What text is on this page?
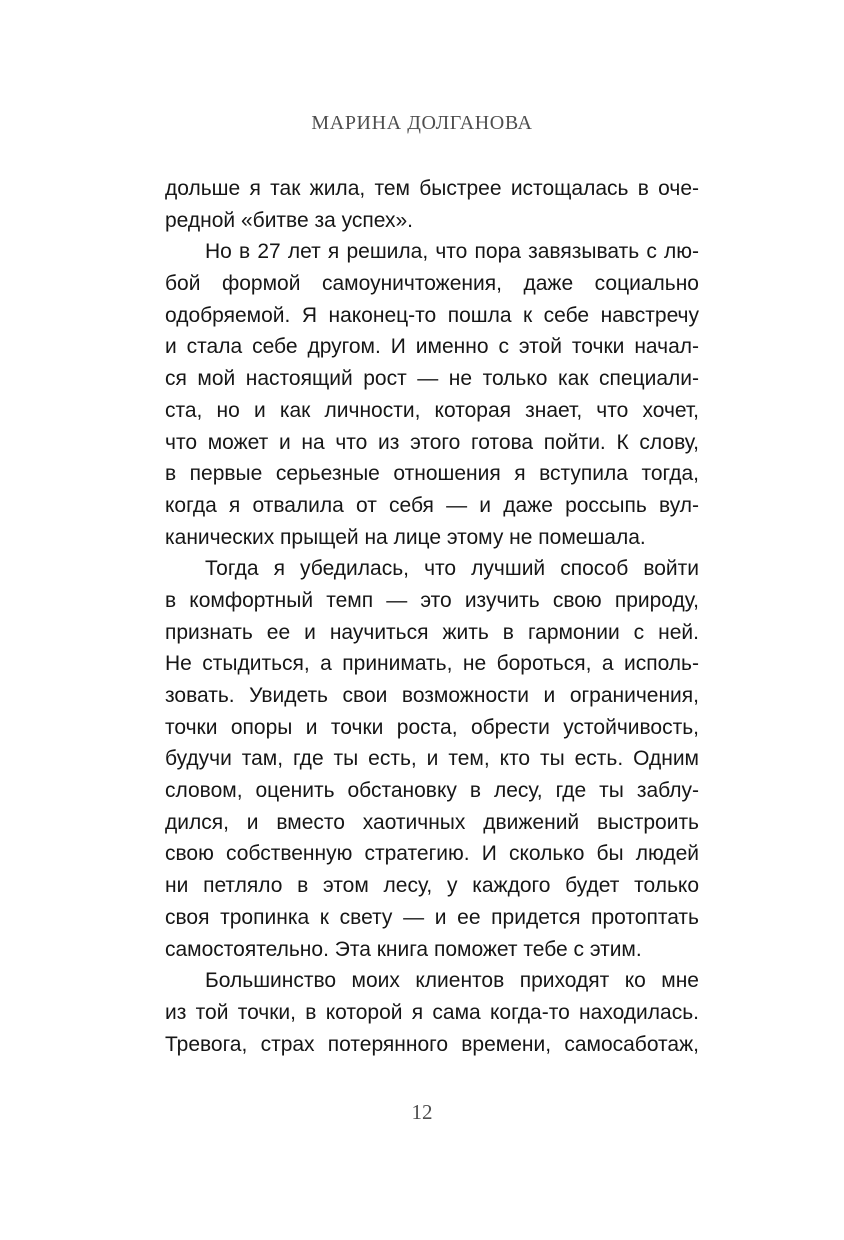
МАРИНА ДОЛГАНОВА
дольше я так жила, тем быстрее истощалась в оче-
редной «битве за успех».
Но в 27 лет я решила, что пора завязывать с лю-
бой формой самоуничтожения, даже социально
одобряемой. Я наконец-то пошла к себе навстречу
и стала себе другом. И именно с этой точки начал-
ся мой настоящий рост — не только как специали-
ста, но и как личности, которая знает, что хочет,
что может и на что из этого готова пойти. К слову,
в первые серьезные отношения я вступила тогда,
когда я отвалила от себя — и даже россыпь вул-
канических прыщей на лице этому не помешала.
Тогда я убедилась, что лучший способ войти
в комфортный темп — это изучить свою природу,
признать ее и научиться жить в гармонии с ней.
Не стыдиться, а принимать, не бороться, а исполь-
зовать. Увидеть свои возможности и ограничения,
точки опоры и точки роста, обрести устойчивость,
будучи там, где ты есть, и тем, кто ты есть. Одним
словом, оценить обстановку в лесу, где ты заблу-
дился, и вместо хаотичных движений выстроить
свою собственную стратегию. И сколько бы людей
ни петляло в этом лесу, у каждого будет только
своя тропинка к свету — и ее придется протоптать
самостоятельно. Эта книга поможет тебе с этим.
Большинство моих клиентов приходят ко мне
из той точки, в которой я сама когда-то находилась.
Тревога, страх потерянного времени, самосаботаж,
12
